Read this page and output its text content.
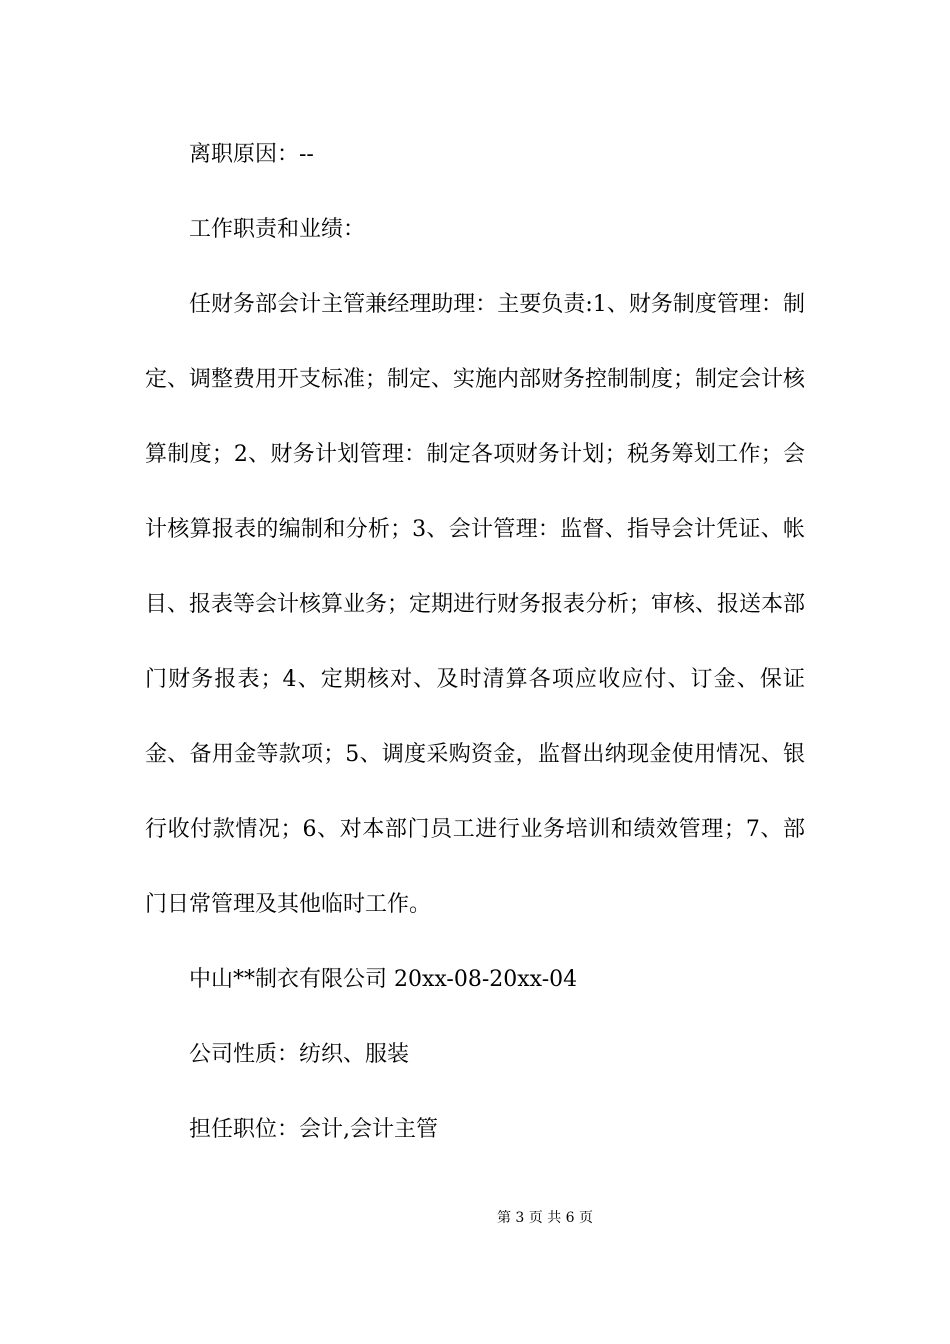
离职原因：--

工作职责和业绩：

任财务部会计主管兼经理助理：主要负责:1、财务制度管理：制定、调整费用开支标准；制定、实施内部财务控制制度；制定会计核算制度；2、财务计划管理：制定各项财务计划；税务筹划工作；会计核算报表的编制和分析；3、会计管理：监督、指导会计凭证、帐目、报表等会计核算业务；定期进行财务报表分析；审核、报送本部门财务报表；4、定期核对、及时清算各项应收应付、订金、保证金、备用金等款项；5、调度采购资金，监督出纳现金使用情况、银行收付款情况；6、对本部门员工进行业务培训和绩效管理；7、部门日常管理及其他临时工作。

中山**制衣有限公司 20xx-08-20xx-04

公司性质：纺织、服装

担任职位：会计,会计主管

第 3 页 共 6 页
